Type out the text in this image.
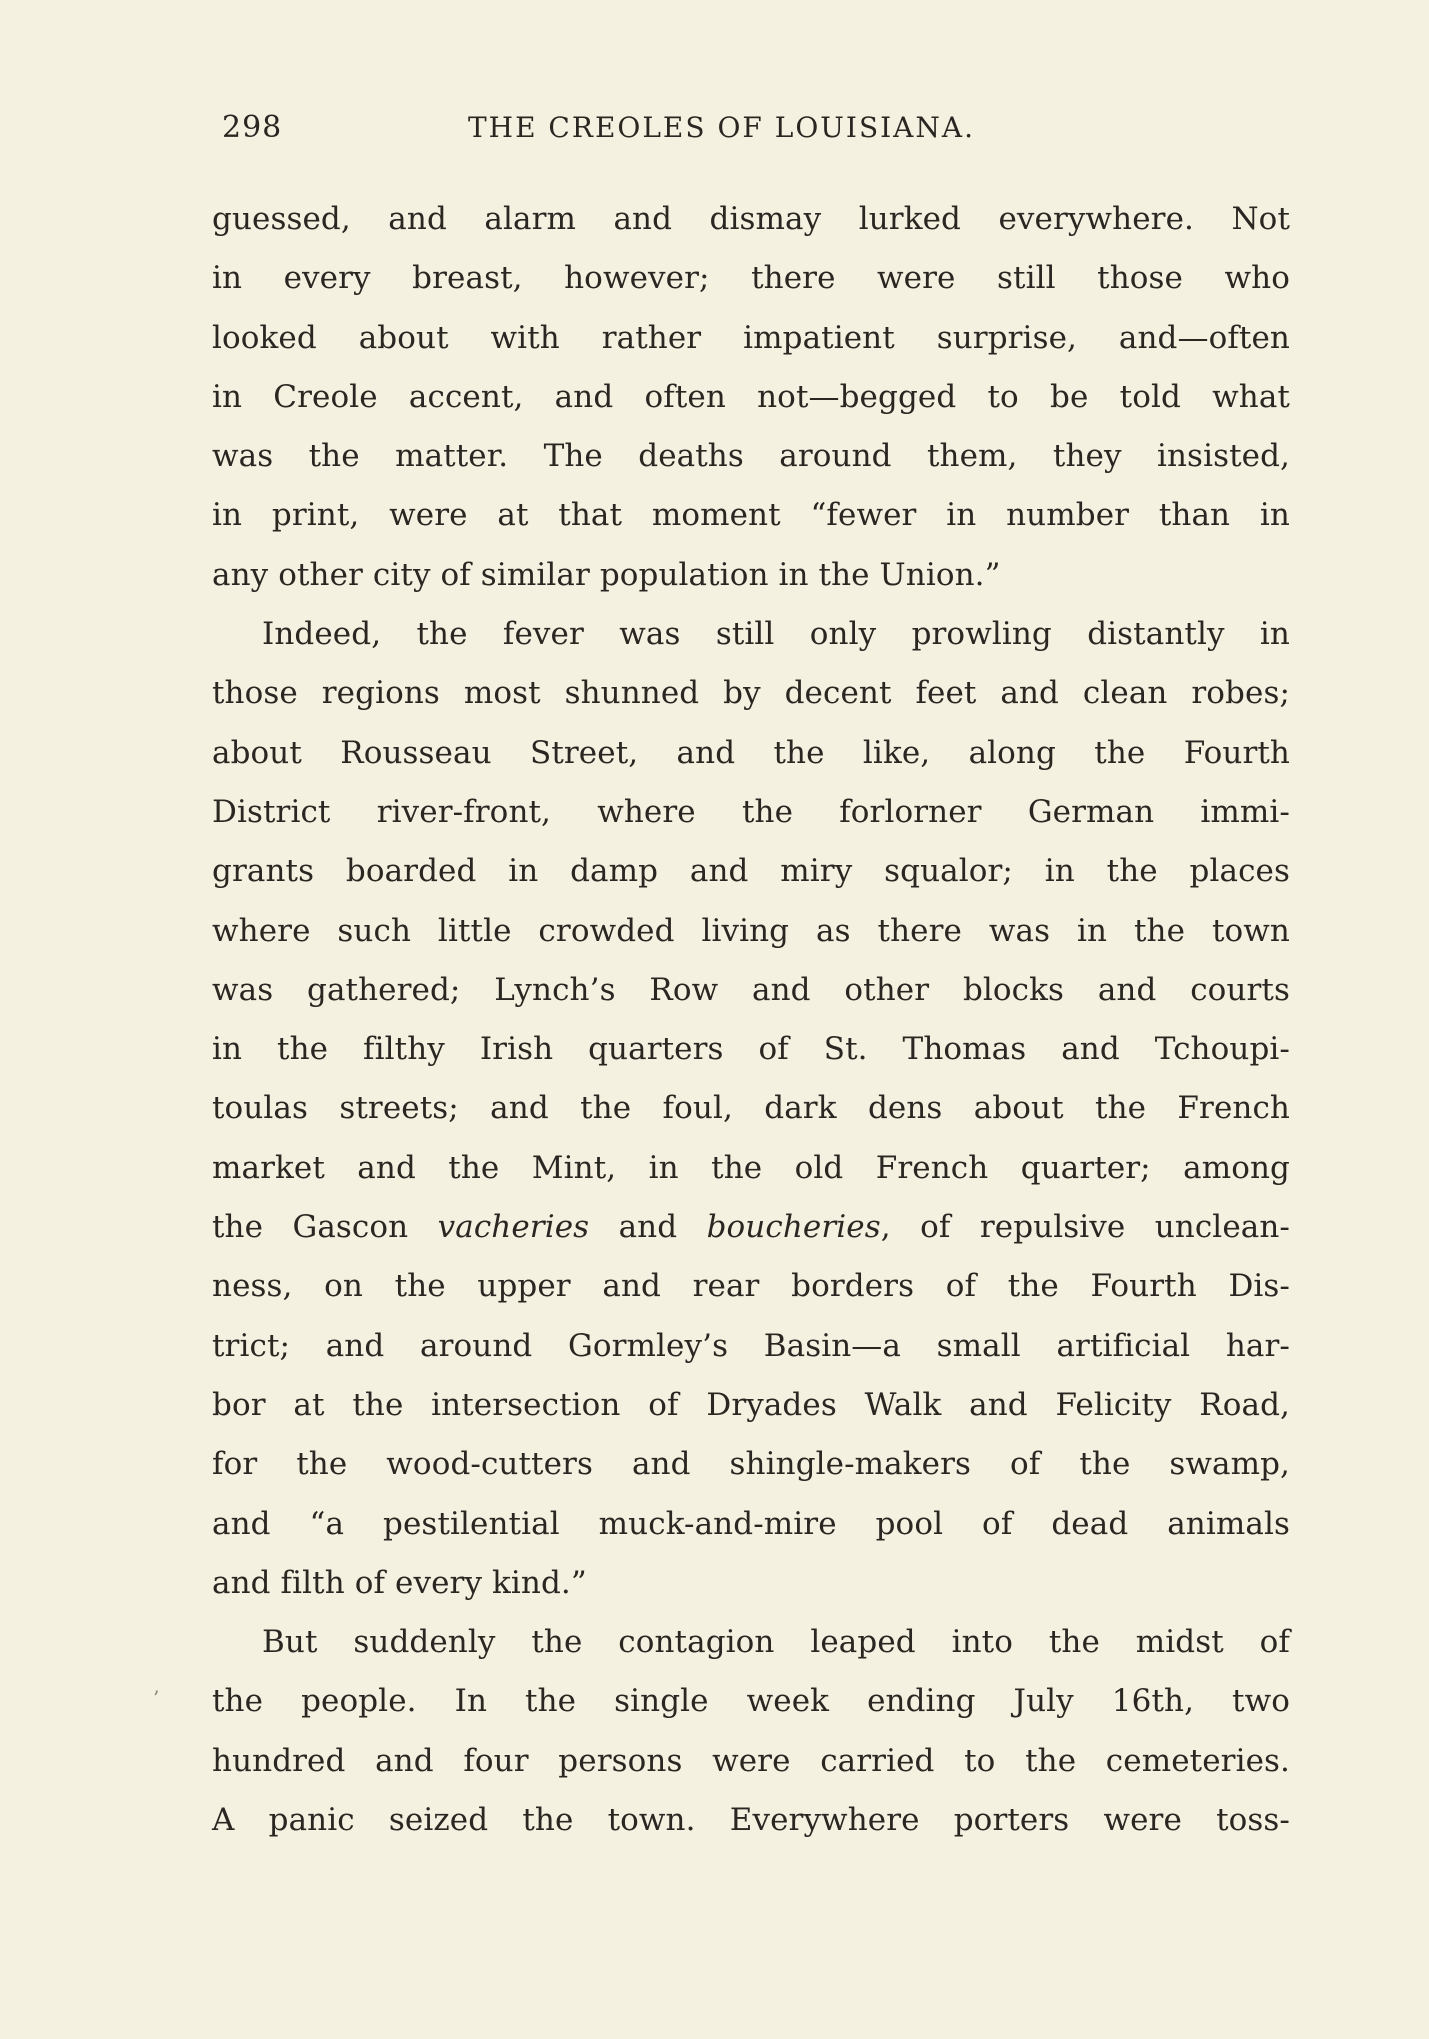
298	THE CREOLES OF LOUISIANA.
guessed, and alarm and dismay lurked everywhere. Not
in every breast, however; there were still those who
looked about with rather impatient surprise, and—often
in Creole accent, and often not—begged to be told what
was the matter. The deaths around them, they insisted,
in print, were at that moment “fewer in number than in
any other city of similar population in the Union.”
Indeed, the fever was still only prowling distantly in
those regions most shunned by decent feet and clean robes;
about Rousseau Street, and the like, along the Fourth
District river-front, where the forlorner German immi-
grants boarded in damp and miry squalor; in the places
where such little crowded living as there was in the town
was gathered; Lynch’s Row and other blocks and courts
in the filthy Irish quarters of St. Thomas and Tchoupi-
toulas streets; and the foul, dark dens about the French
market and the Mint, in the old French quarter; among
the Gascon vacheries and boucheries, of repulsive unclean-
ness, on the upper and rear borders of the Fourth Dis-
trict; and around Gormley’s Basin—a small artificial har-
bor at the intersection of Dryades Walk and Felicity Road,
for the wood-cutters and shingle-makers of the swamp,
and “a pestilential muck-and-mire pool of dead animals
and filth of every kind.”
But suddenly the contagion leaped into the midst of
the people. In the single week ending July 16th, two
hundred and four persons were carried to the cemeteries.
A panic seized the town. Everywhere porters were toss-
’
